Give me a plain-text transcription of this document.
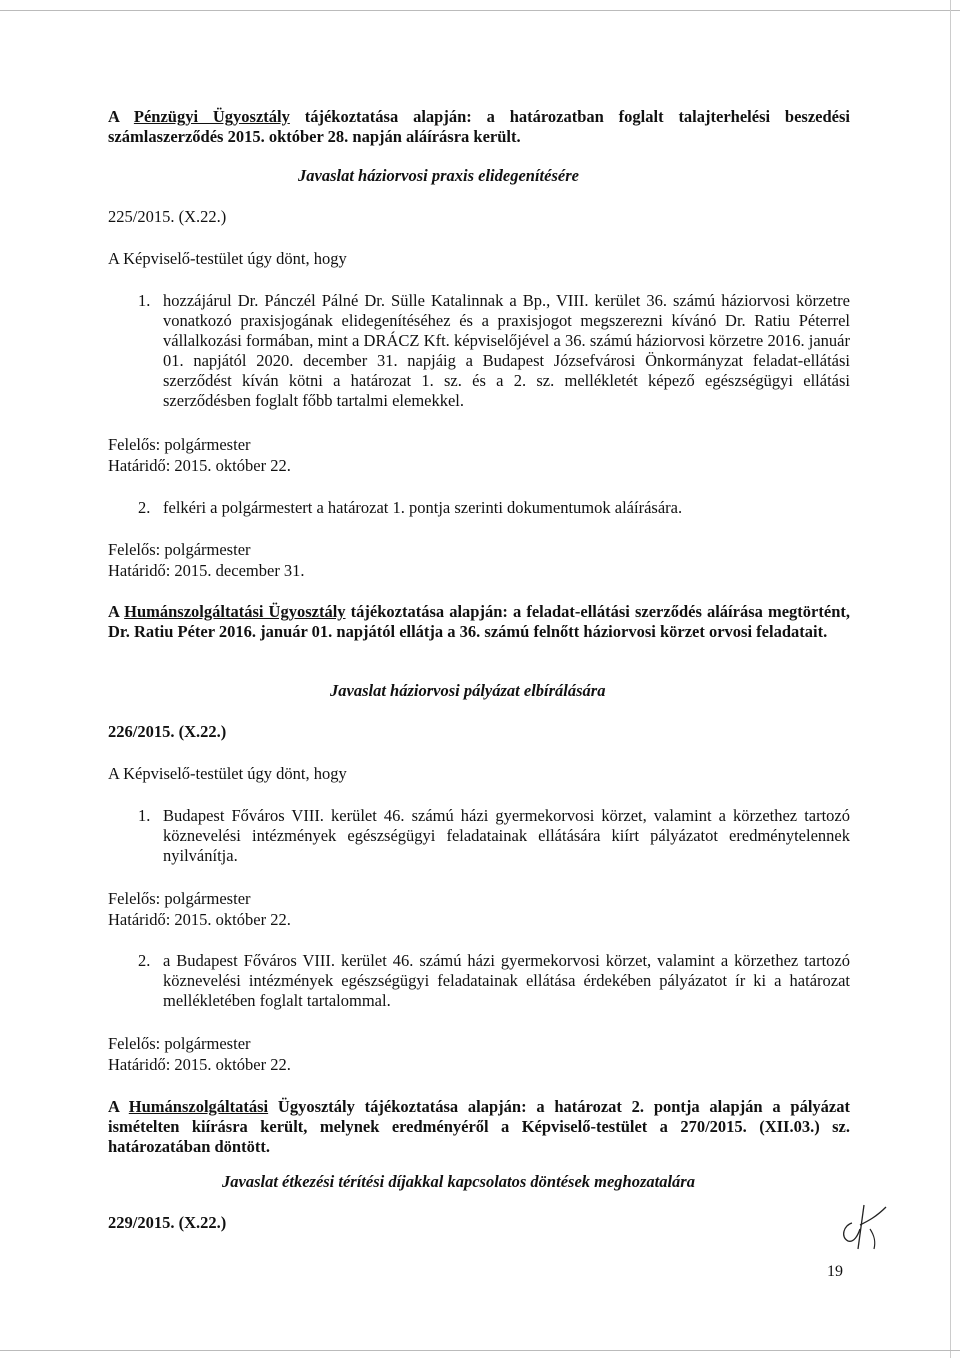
A Pénzügyi Ügyosztály tájékoztatása alapján: a határozatban foglalt talajterhelési beszedési számlaszerződés 2015. október 28. napján aláírásra került.
Javaslat háziorvosi praxis elidegenítésére
225/2015. (X.22.)
A Képviselő-testület úgy dönt, hogy
1. hozzájárul Dr. Pánczél Pálné Dr. Sülle Katalinnak a Bp., VIII. kerület 36. számú háziorvosi körzetre vonatkozó praxisjogának elidegenítéséhez és a praxisjogot megszerezni kívánó Dr. Ratiu Péterrel vállalkozási formában, mint a DRÁCZ Kft. képviselőjével a 36. számú háziorvosi körzetre 2016. január 01. napjától 2020. december 31. napjáig a Budapest Józsefvárosi Önkormányzat feladat-ellátási szerződést kíván kötni a határozat 1. sz. és a 2. sz. mellékletét képező egészségügyi ellátási szerződésben foglalt főbb tartalmi elemekkel.
Felelős: polgármester
Határidő: 2015. október 22.
2. felkéri a polgármestert a határozat 1. pontja szerinti dokumentumok aláírására.
Felelős: polgármester
Határidő: 2015. december 31.
A Humánszolgáltatási Ügyosztály tájékoztatása alapján: a feladat-ellátási szerződés aláírása megtörtént, Dr. Ratiu Péter 2016. január 01. napjától ellátja a 36. számú felnőtt háziorvosi körzet orvosi feladatait.
Javaslat háziorvosi pályázat elbírálására
226/2015. (X.22.)
A Képviselő-testület úgy dönt, hogy
1. Budapest Főváros VIII. kerület 46. számú házi gyermekorvosi körzet, valamint a körzethez tartozó köznevelési intézmények egészségügyi feladatainak ellátására kiírt pályázatot eredménytelennek nyilvánítja.
Felelős: polgármester
Határidő: 2015. október 22.
2. a Budapest Főváros VIII. kerület 46. számú házi gyermekorvosi körzet, valamint a körzethez tartozó köznevelési intézmények egészségügyi feladatainak ellátása érdekében pályázatot ír ki a határozat mellékletében foglalt tartalommal.
Felelős: polgármester
Határidő: 2015. október 22.
A Humánszolgáltatási Ügyosztály tájékoztatása alapján: a határozat 2. pontja alapján a pályázat ismételten kiírásra került, melynek eredményéről a Képviselő-testület a 270/2015. (XII.03.) sz. határozatában döntött.
Javaslat étkezési térítési díjakkal kapcsolatos döntések meghozatalára
229/2015. (X.22.)
19
